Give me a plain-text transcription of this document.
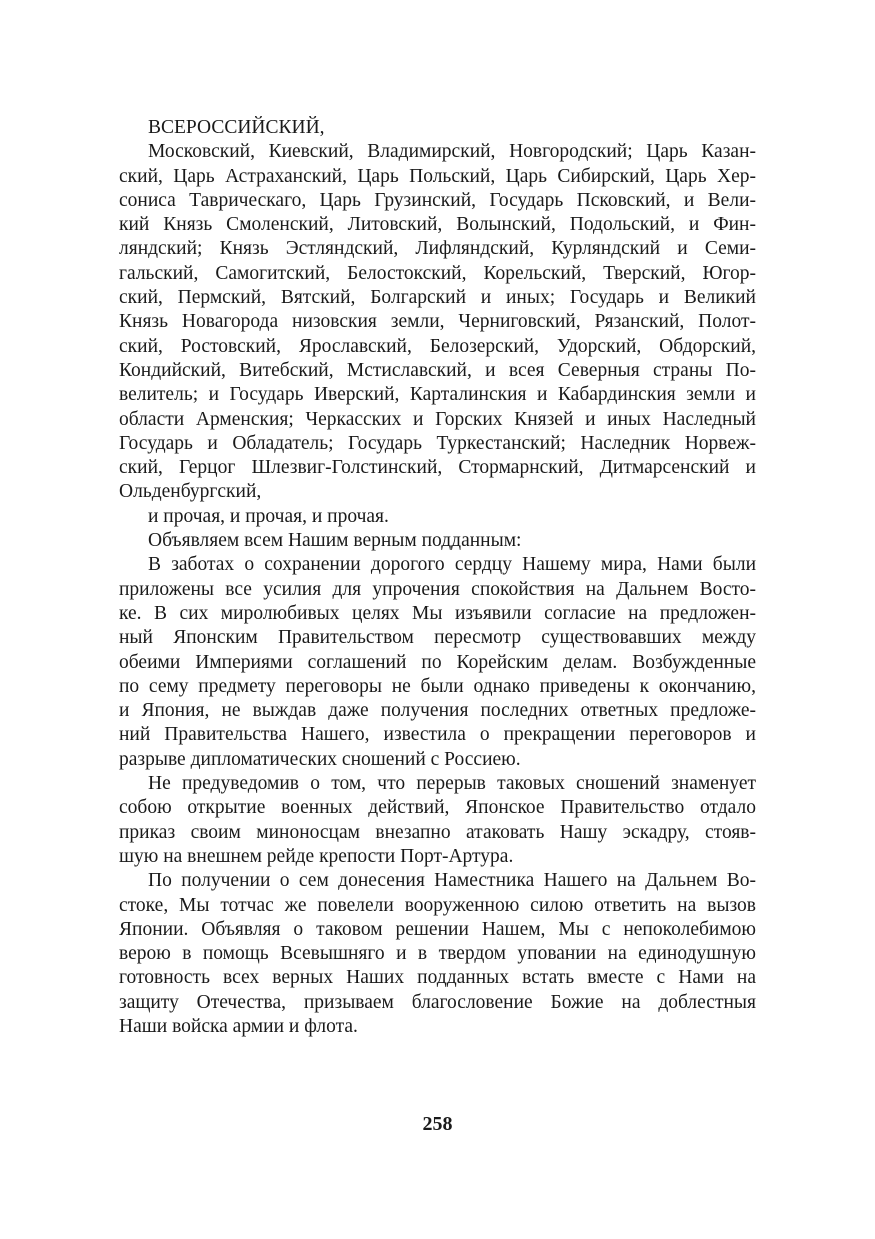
ВСЕРОССИЙСКИЙ,
Московский, Киевский, Владимирский, Новгородский; Царь Казан-
ский, Царь Астраханский, Царь Польский, Царь Сибирский, Царь Хер-
сониса Таврическаго, Царь Грузинский, Государь Псковский, и Вели-
кий Князь Смоленский, Литовский, Волынский, Подольский, и Фин-
ляндский; Князь Эстляндский, Лифляндский, Курляндский и Семи-
гальский, Самогитский, Белостокский, Корельский, Тверский, Югор-
ский, Пермский, Вятский, Болгарский и иных; Государь и Великий
Князь Новагорода низовския земли, Черниговский, Рязанский, Полот-
ский, Ростовский, Ярославский, Белозерский, Удорский, Обдорский,
Кондийский, Витебский, Мстиславский, и всея Северныя страны По-
велитель; и Государь Иверский, Карталинския и Кабардинския земли и
области Арменския; Черкасских и Горских Князей и иных Наследный
Государь и Обладатель; Государь Туркестанский; Наследник Норвеж-
ский, Герцог Шлезвиг-Голстинский, Стормарнский, Дитмарсенский и
Ольденбургский,
и прочая, и прочая, и прочая.
Объявляем всем Нашим верным подданным:
В заботах о сохранении дорогого сердцу Нашему мира, Нами были
приложены все усилия для упрочения спокойствия на Дальнем Восто-
ке. В сих миролюбивых целях Мы изъявили согласие на предложен-
ный Японским Правительством пересмотр существовавших между
обеими Империями соглашений по Корейским делам. Возбужденные
по сему предмету переговоры не были однако приведены к окончанию,
и Япония, не выждав даже получения последних ответных предложе-
ний Правительства Нашего, известила о прекращении переговоров и
разрыве дипломатических сношений с Россиею.
Не предуведомив о том, что перерыв таковых сношений знаменует
собою открытие военных действий, Японское Правительство отдало
приказ своим миноносцам внезапно атаковать Нашу эскадру, стояв-
шую на внешнем рейде крепости Порт-Артура.
По получении о сем донесения Наместника Нашего на Дальнем Во-
стоке, Мы тотчас же повелели вооруженною силою ответить на вызов
Японии. Объявляя о таковом решении Нашем, Мы с непоколебимою
верою в помощь Всевышняго и в твердом уповании на единодушную
готовность всех верных Наших подданных встать вместе с Нами на
защиту Отечества, призываем благословение Божие на доблестныя
Наши войска армии и флота.
258
